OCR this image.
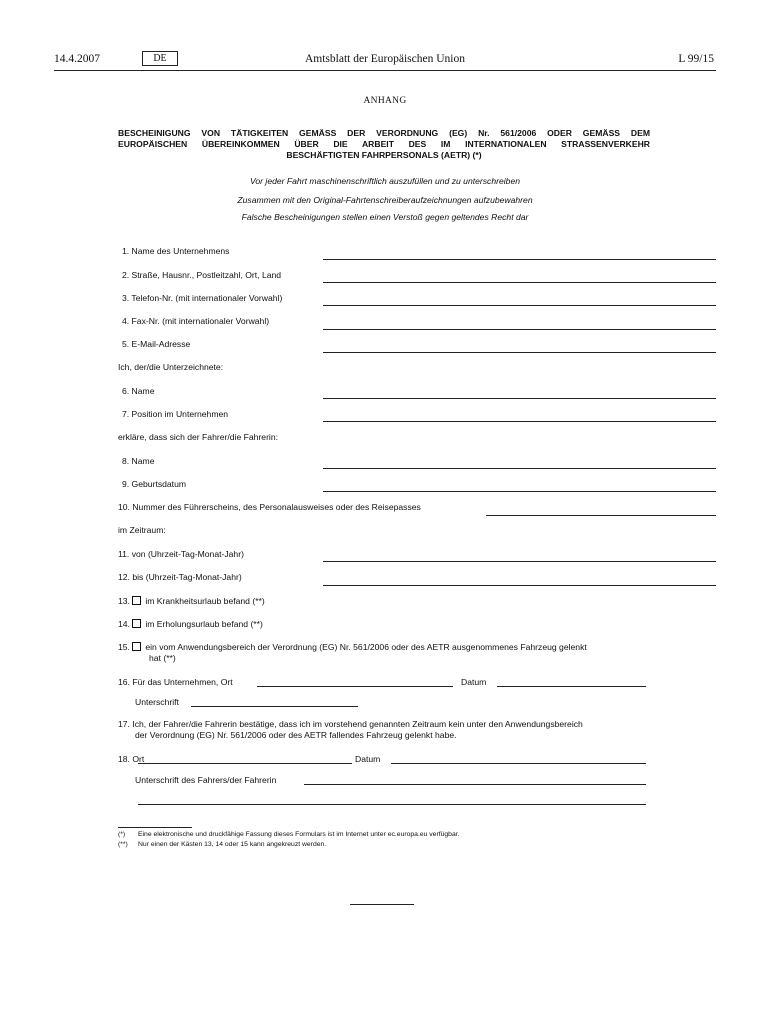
14.4.2007	DE	Amtsblatt der Europäischen Union	L 99/15
ANHANG
BESCHEINIGUNG VON TÄTIGKEITEN GEMÄSS DER VERORDNUNG (EG) Nr. 561/2006 ODER GEMÄSS DEM
EUROPÄISCHEN ÜBEREINKOMMEN ÜBER DIE ARBEIT DES IM INTERNATIONALEN STRASSENVERKEHR
BESCHÄFTIGTEN FAHRPERSONALS (AETR) (*)
Vor jeder Fahrt maschinenschriftlich auszufüllen und zu unterschreiben
Zusammen mit den Original-Fahrtenschreiberaufzeichnungen aufzubewahren
Falsche Bescheinigungen stellen einen Verstoß gegen geltendes Recht dar
1. Name des Unternehmens
2. Straße, Hausnr., Postleitzahl, Ort, Land
3. Telefon-Nr. (mit internationaler Vorwahl)
4. Fax-Nr. (mit internationaler Vorwahl)
5. E-Mail-Adresse
Ich, der/die Unterzeichnete:
6. Name
7. Position im Unternehmen
erkläre, dass sich der Fahrer/die Fahrerin:
8. Name
9. Geburtsdatum
10. Nummer des Führerscheins, des Personalausweises oder des Reisepasses
im Zeitraum:
11. von (Uhrzeit-Tag-Monat-Jahr)
12. bis (Uhrzeit-Tag-Monat-Jahr)
13. im Krankheitsurlaub befand (**)
14. im Erholungsurlaub befand (**)
15. ein vom Anwendungsbereich der Verordnung (EG) Nr. 561/2006 oder des AETR ausgenommenes Fahrzeug gelenkt
hat (**)
16. Für das Unternehmen, Ort	Datum
Unterschrift
17. Ich, der Fahrer/die Fahrerin bestätige, dass ich im vorstehend genannten Zeitraum kein unter den Anwendungsbereich
der Verordnung (EG) Nr. 561/2006 oder des AETR fallendes Fahrzeug gelenkt habe.
18. Ort	Datum
Unterschrift des Fahrers/der Fahrerin
(*) Eine elektronische und druckfähige Fassung dieses Formulars ist im Internet unter ec.europa.eu verfügbar.
(**) Nur einen der Kästen 13, 14 oder 15 kann angekreuzt werden.
